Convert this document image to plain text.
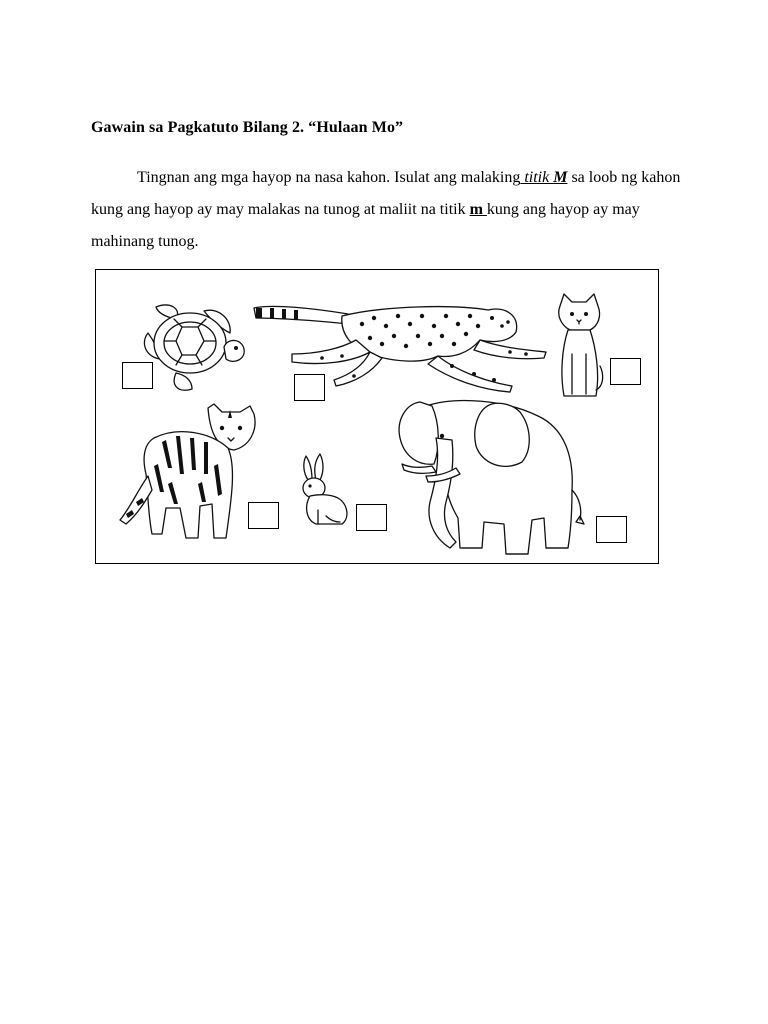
Gawain sa Pagkatuto Bilang 2. “Hulaan Mo”
Tingnan ang mga hayop na nasa kahon. Isulat ang malaking titik M sa loob ng kahon kung ang hayop ay may malakas na tunog at maliit na titik m kung ang hayop ay may mahinang tunog.
